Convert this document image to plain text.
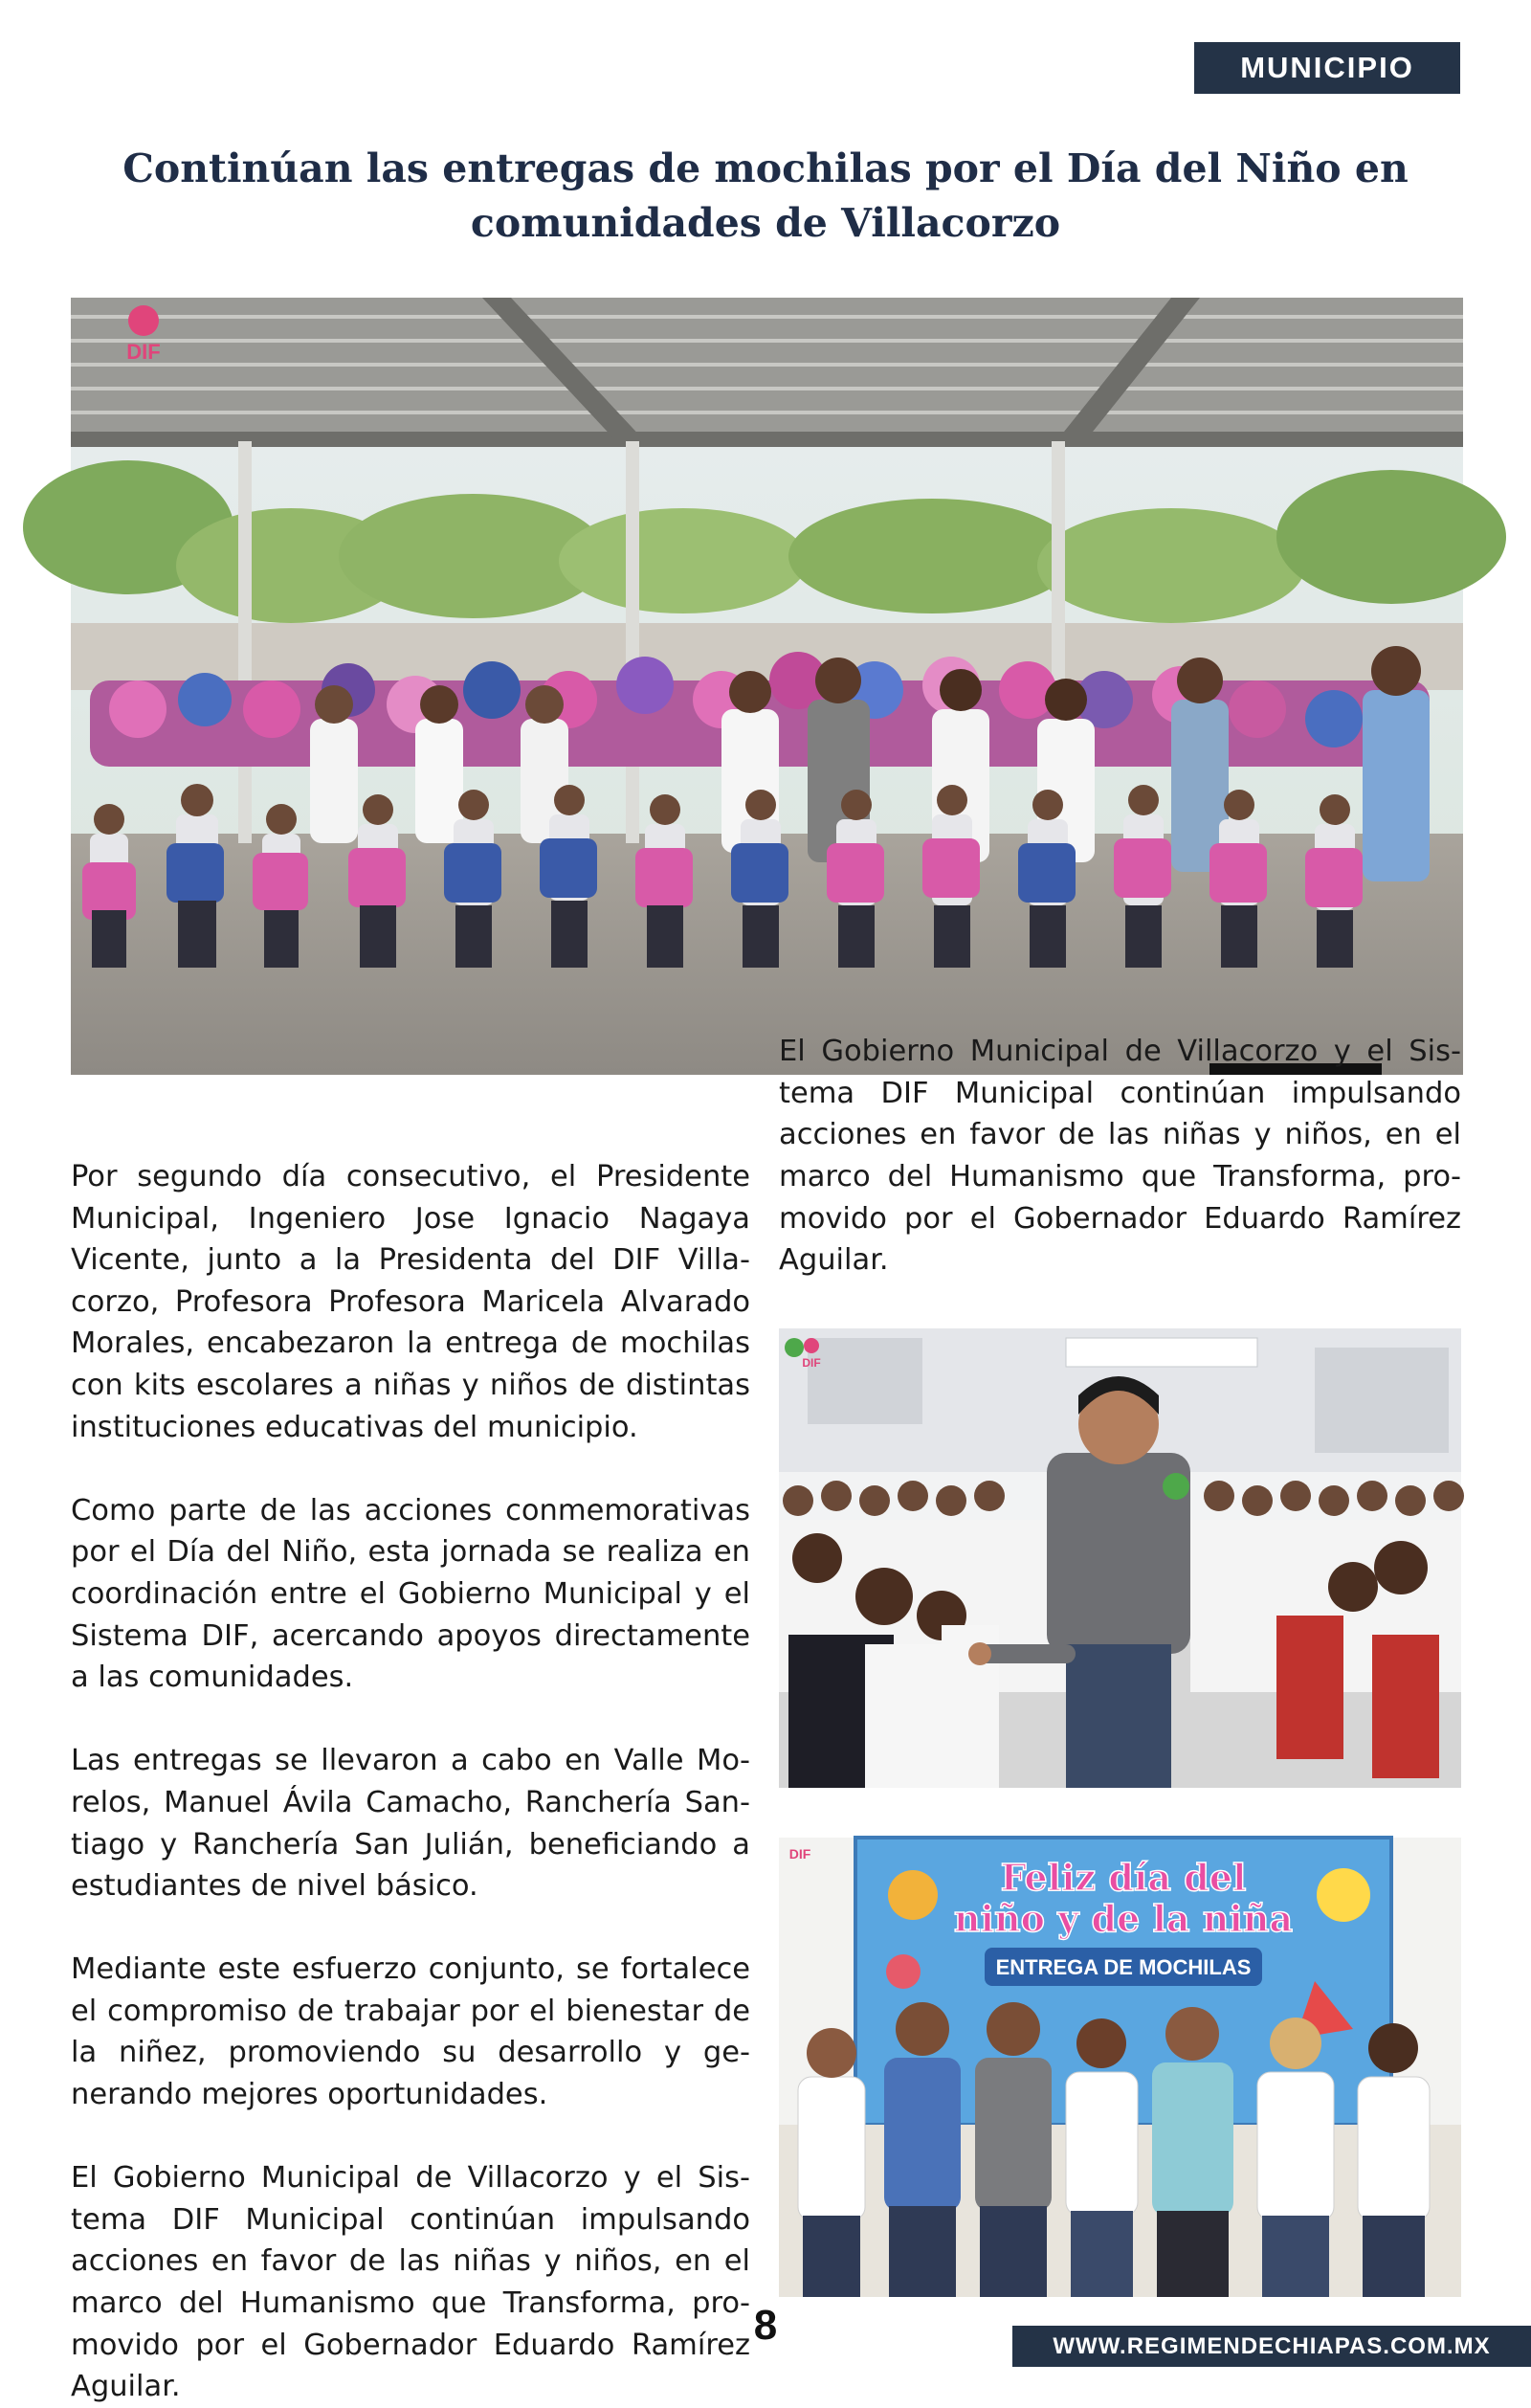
MUNICIPIO
Continúan las entregas de mochilas por el Día del Niño en comunidades de Villacorzo
DIF

Por segundo día consecutivo, el Presidente Municipal, Ingeniero Jose Ignacio Nagaya Vicente, junto a la Presidenta del DIF Villacorzo, Profesora Profesora Maricela Alvarado Morales, encabezaron la entrega de mochilas con kits escolares a niñas y niños de distintas instituciones educativas del municipio.

Como parte de las acciones conmemorativas por el Día del Niño, esta jornada se realiza en coordinación entre el Gobierno Municipal y el Sistema DIF, acercando apoyos directamente a las comunidades.

Las entregas se llevaron a cabo en Valle Morelos, Manuel Ávila Camacho, Ranchería Santiago y Ranchería San Julián, beneficiando a estudiantes de nivel básico.

Mediante este esfuerzo conjunto, se fortalece el compromiso de trabajar por el bienestar de la niñez, promoviendo su desarrollo y generando mejores oportunidades.

El Gobierno Municipal de Villacorzo y el Sistema DIF Municipal continúan impulsando acciones en favor de las niñas y niños, en el marco del Humanismo que Transforma, promovido por el Gobernador Eduardo Ramírez Aguilar.

El Gobierno Municipal de Villacorzo y el Sistema DIF Municipal continúan impulsando acciones en favor de las niñas y niños, en el marco del Humanismo que Transforma, promovido por el Gobernador Eduardo Ramírez Aguilar.

DIF
Feliz día del
niño y de la niña
ENTREGA DE MOCHILAS
DIF
8	WWW.REGIMENDECHIAPAS.COM.MX
